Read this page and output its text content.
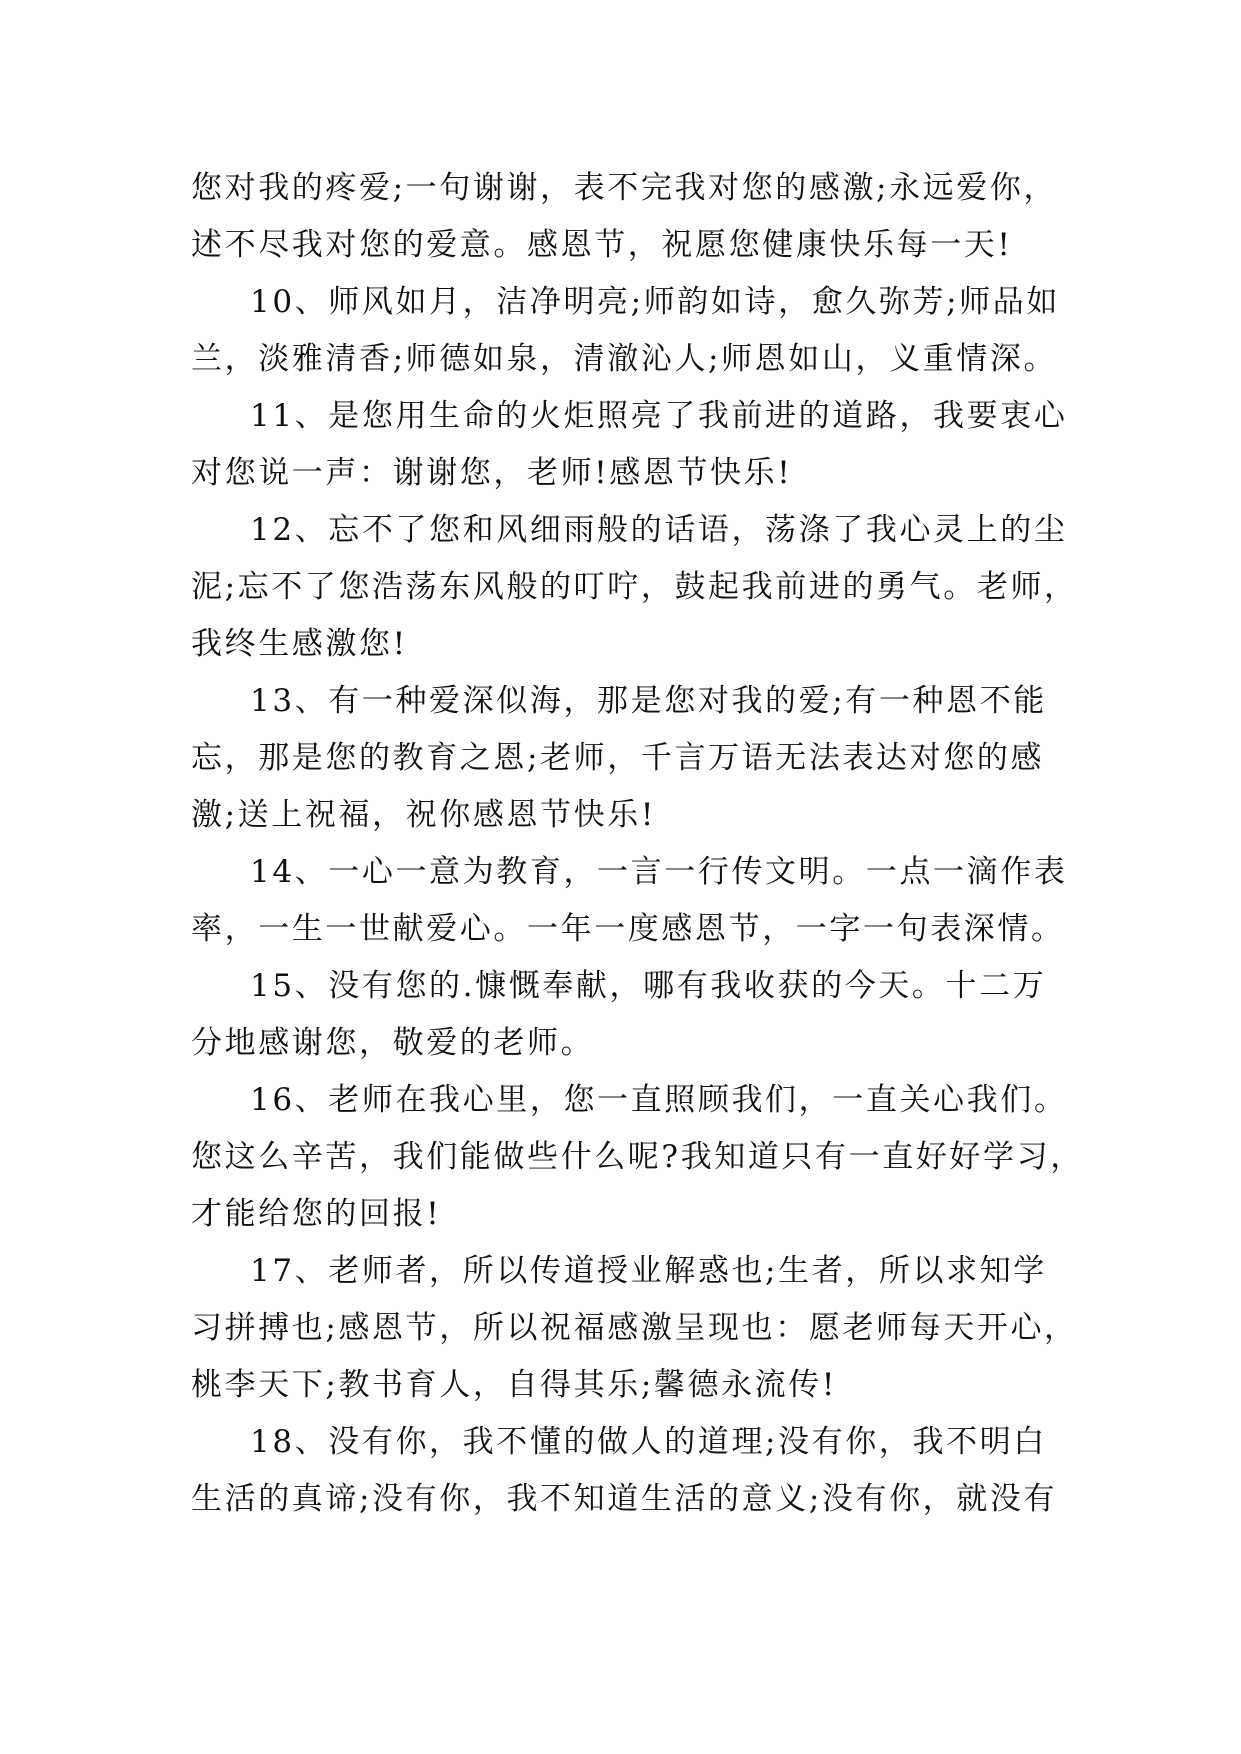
您对我的疼爱;一句谢谢，表不完我对您的感激;永远爱你，

述不尽我对您的爱意。感恩节，祝愿您健康快乐每一天!

10、师风如月，洁净明亮;师韵如诗，愈久弥芳;师品如

兰，淡雅清香;师德如泉，清澈沁人;师恩如山，义重情深。

11、是您用生命的火炬照亮了我前进的道路，我要衷心

对您说一声：谢谢您，老师!感恩节快乐!

12、忘不了您和风细雨般的话语，荡涤了我心灵上的尘

泥;忘不了您浩荡东风般的叮咛，鼓起我前进的勇气。老师，

我终生感激您!

13、有一种爱深似海，那是您对我的爱;有一种恩不能

忘，那是您的教育之恩;老师，千言万语无法表达对您的感

激;送上祝福，祝你感恩节快乐!

14、一心一意为教育，一言一行传文明。一点一滴作表

率，一生一世献爱心。一年一度感恩节，一字一句表深情。

15、没有您的.慷慨奉献，哪有我收获的今天。十二万

分地感谢您，敬爱的老师。

16、老师在我心里，您一直照顾我们，一直关心我们。

您这么辛苦，我们能做些什么呢?我知道只有一直好好学习，

才能给您的回报!

17、老师者，所以传道授业解惑也;生者，所以求知学

习拼搏也;感恩节，所以祝福感激呈现也：愿老师每天开心，

桃李天下;教书育人，自得其乐;馨德永流传!

18、没有你，我不懂的做人的道理;没有你，我不明白

生活的真谛;没有你，我不知道生活的意义;没有你，就没有
